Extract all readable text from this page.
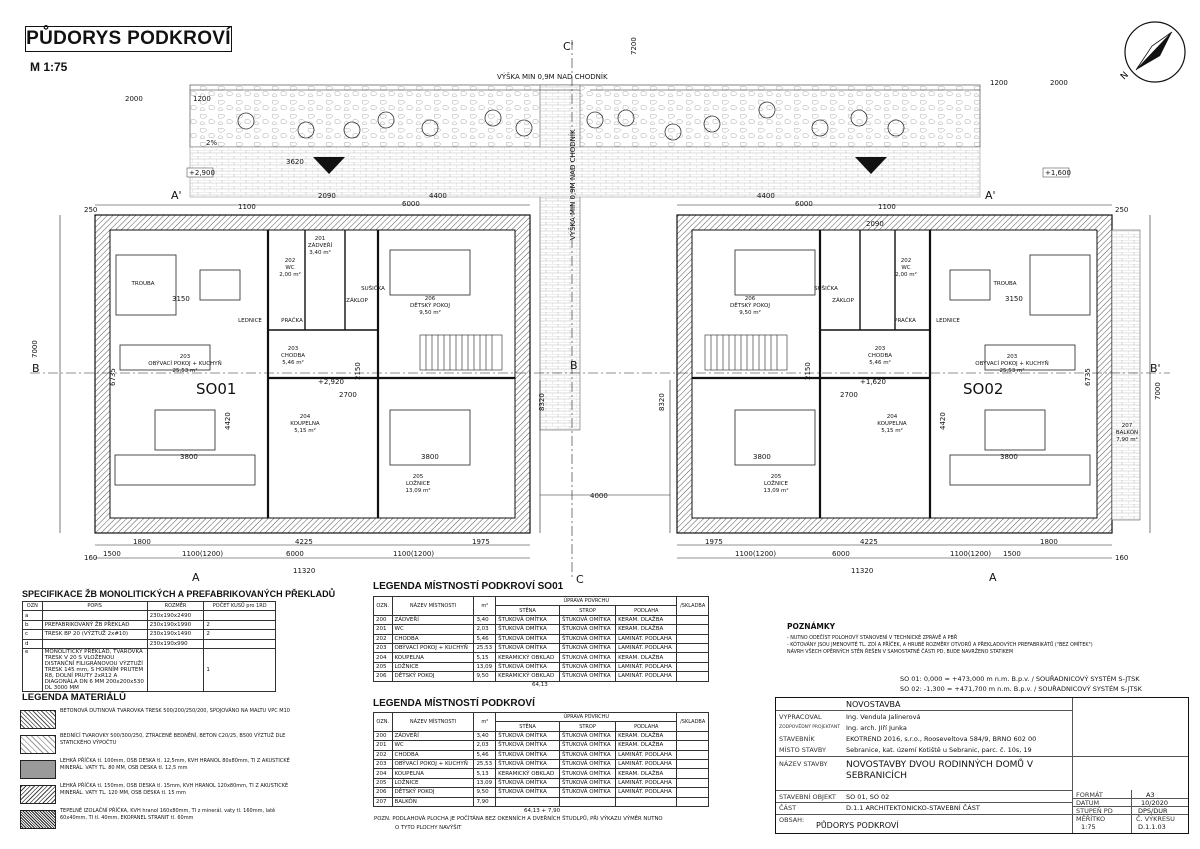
PŮDORYS PODKROVÍ
M 1:75
N
VÝŠKA MIN 0,9M NAD CHODNÍK
VÝŠKA MIN 0,9M NAD CHODNÍK
2%
2000	1200
1200	2000
3620
4400	4400
2090
2090
6000	6000
1800	4225	1975	1975	4225	1800
1500	1500
1100(1200)	1100(1200)	1100(1200)	1100(1200)
6000	6000
11320	11320
4000
7200
8320	8320
7000
7000
3150	3150
3800	3800	3800	3800
2700	2700
2150	2150
4420	4420
6735	6735
250	250
160	160
1100	1100
+2,900	+1,600
+2,920	+1,620
SO01	SO02
A	A
A'	A'
B	B	B'
C
C'
203
OBÝVACÍ POKOJ + KUCHYŇ
25,53 m²
201
ZÁDVEŘÍ
3,40 m²
202
WC
2,00 m²
206
DĚTSKÝ POKOJ
9,50 m²
203
CHODBA
5,46 m²
204
KOUPELNA
5,15 m²
205
LOŽNICE
13,09 m²
TROUBA
LEDNICE	PRAČKA
SUŠIČKA
ZÁKLOP	206
DĚTSKÝ POKOJ
9,50 m²
202
WC
2,00 m²
203
CHODBA
5,46 m²
203
OBÝVACÍ POKOJ + KUCHYŇ
25,53 m²
204
KOUPELNA
5,15 m²
205
LOŽNICE
13,09 m²
207
BALKÓN
7,90 m²
TROUBA
LEDNICE
PRAČKA
SUŠIČKA
ZÁKLOP
SPECIFIKACE ŽB MONOLITICKÝCH A PREFABRIKOVANÝCH PŘEKLADŮ
OZN	POPIS	ROZMĚR	POČET KUSŮ pro 1RD
a		230x190x2490	
b	PREFABRIKOVANÝ ŽB PŘEKLAD	230x190x1990	2
c	TRESK BP 20 (VÝZTUŽ 2x#10)	230x190x1490	2
d		230x190x990	
e	MONOLITICKÝ PŘEKLAD, TVAROVKA TRESK V 20 S VLOŽENOU DISTANČNÍ FILIGRÁNOVOU VÝZTUŽÍ TRESK 145 mm, S HORNÍM PRUTEM R8, DOLNÍ PRUTY 2xR12 A DIAGONÁLA DN 6 MM 200x200x530 DL 3000 MM		1
LEGENDA MATERIÁLŮ
BETONOVÁ DUTINOVÁ TVAROVKA TRESK 500/200/250/200, SPOJOVÁNO NA MALTU VPC M10
BEDNÍCÍ TVAROVKY 500/300/250, ZTRACENÉ BEDNĚNÍ, BETON C20/25, B500 VÝZTUŽ DLE STATICKÉHO VÝPOČTU
LEHKÁ PŘÍČKA tl. 100mm, OSB DESKA tl. 12,5mm, KVH HRANOL 80x80mm, TI Z AKUSTICKÉ MINERÁL. VATY TL. 80 MM, OSB DESKA tl. 12,5 mm
LEHKÁ PŘÍČKA tl. 150mm, OSB DESKA tl. 15mm, KVH HRANOL 120x80mm, TI Z AKUSTICKÉ MINERÁL. VATY TL. 120 MM, OSB DESKA tl. 15 mm
TEPELNÉ IZOLAČNÍ PŘÍČKA, KVH hranol 160x80mm, TI z minerál. vaty tl. 160mm, latě 60x40mm, TI tl. 40mm, EKOPANEL STRANIT tl. 60mm
LEGENDA MÍSTNOSTÍ PODKROVÍ SO01
OZN.	NÁZEV MÍSTNOSTI	m²	ÚPRAVA POVRCHU			/SKLADBA
			STĚNA	STROP	PODLAHA	
200	ZÁDVEŘÍ	3,40	ŠTUKOVÁ OMÍTKA	ŠTUKOVÁ OMÍTKA	KERAM. DLAŽBA	
201	WC	2,03	ŠTUKOVÁ OMÍTKA	ŠTUKOVÁ OMÍTKA	KERAM. DLAŽBA	
202	CHODBA	5,46	ŠTUKOVÁ OMÍTKA	ŠTUKOVÁ OMÍTKA	LAMINÁT. PODLAHA	
203	OBÝVACÍ POKOJ + KUCHYŇ	25,53	ŠTUKOVÁ OMÍTKA	ŠTUKOVÁ OMÍTKA	LAMINÁT. PODLAHA	
204	KOUPELNA	5,15	KERAMICKÝ OBKLAD	ŠTUKOVÁ OMÍTKA	KERAM. DLAŽBA	
205	LOŽNICE	13,09	ŠTUKOVÁ OMÍTKA	ŠTUKOVÁ OMÍTKA	LAMINÁT. PODLAHA	
206	DĚTSKÝ POKOJ	9,50	KERAMICKÝ OBKLAD	ŠTUKOVÁ OMÍTKA	LAMINÁT. PODLAHA	
64,13
LEGENDA MÍSTNOSTÍ PODKROVÍ
OZN.	NÁZEV MÍSTNOSTI	m²	ÚPRAVA POVRCHU			/SKLADBA
			STĚNA	STROP	PODLAHA	
200	ZÁDVEŘÍ	3,40	ŠTUKOVÁ OMÍTKA	ŠTUKOVÁ OMÍTKA	KERAM. DLAŽBA	
201	WC	2,03	ŠTUKOVÁ OMÍTKA	ŠTUKOVÁ OMÍTKA	KERAM. DLAŽBA	
202	CHODBA	5,46	ŠTUKOVÁ OMÍTKA	ŠTUKOVÁ OMÍTKA	LAMINÁT. PODLAHA	
203	OBÝVACÍ POKOJ + KUCHYŇ	25,53	ŠTUKOVÁ OMÍTKA	ŠTUKOVÁ OMÍTKA	LAMINÁT. PODLAHA	
204	KOUPELNA	5,13	KERAMICKÝ OBKLAD	ŠTUKOVÁ OMÍTKA	KERAM. DLAŽBA	
205	LOŽNICE	13,09	ŠTUKOVÁ OMÍTKA	ŠTUKOVÁ OMÍTKA	LAMINÁT. PODLAHA	
206	DĚTSKÝ POKOJ	9,50	ŠTUKOVÁ OMÍTKA	ŠTUKOVÁ OMÍTKA	LAMINÁT. PODLAHA	
207	BALKÓN	7,90				
64,13 + 7,90
POZN. PODLAHOVÁ PLOCHA JE POČÍTÁNA BEZ OKENNÍCH A DVEŘNÍCH ŠTUDLPŮ, PŘI VÝKAZU VÝMĚR NUTNO
O TYTO PLOCHY NAVÝŠIT
POZNÁMKY
- NUTNO ODEČÍST POLOHOVÝ STANOVENÍ V TECHNICKÉ ZPRÁVĚ A PBŘ
- KÓTOVÁNY JSOU JMENOVITÉ TL. ZDÍ A PŘÍČEK, A HRUBÉ ROZMĚRY OTVORŮ A PŘEKLADOVÝCH PREFABRIKÁTŮ ("BEZ OMÍTEK")
NÁVRH VŠECH OPĚRNÝCH STĚN ŘEŠEN V SAMOSTATNÉ ČÁSTI PD, BUDE NAVRŽENO STATIKEM
SO 01: 0,000 = +473,000 m n.m. B.p.v. / SOUŘADNICOVÝ SYSTÉM S-JTSK
SO 02: -1,300 = +471,700 m n.m. B.p.v. / SOUŘADNICOVÝ SYSTÉM S-JTSK
NOVOSTAVBA
VYPRACOVAL	Ing. Vendula Jalinerová
ZODPOVĚDNÝ PROJEKTANT Ing. arch. JIří Junka
STAVEBNÍK	EKOTREND 2016, s.r.o., Rooseveltova 584/9, BRNO 602 00
MÍSTO STAVBY	Sebranice, kat. území Kotiště u Sebranic, parc. č. 10s, 19
NÁZEV STAVBY NOVOSTAVBY DVOU RODINNÝCH DOMŮ V SEBRANICÍCH
STAVEBNÍ OBJEKT SO 01, SO 02
ČÁST	D.1.1 ARCHITEKTONICKO-STAVEBNÍ ČÁST
OBSAH:
PŮDORYS PODKROVÍ
FORMÁT	A3
DATUM	10/2020
STUPEŇ PD	DPS/DUR
MĚŘÍTKO
1:75
Č. VÝKRESU
D.1.1.03
